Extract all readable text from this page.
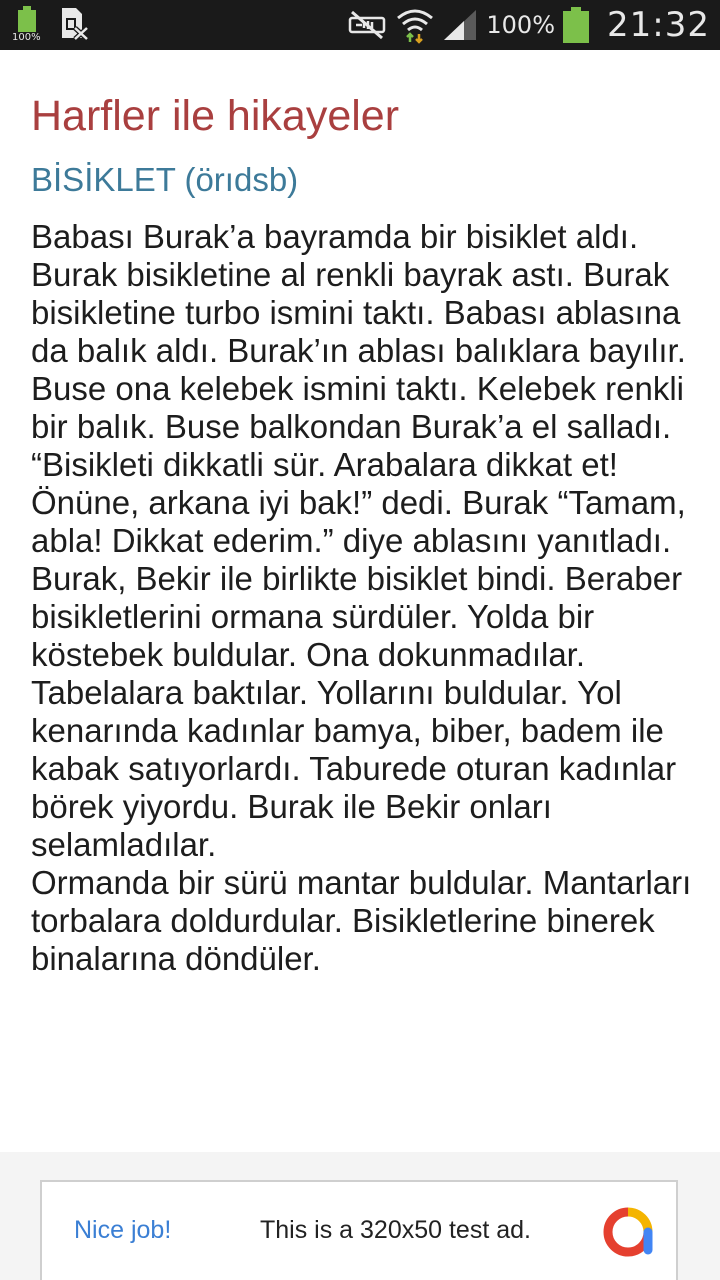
100%	100% 21:32
Harfler ile hikayeler
BİSİKLET (örıdsb)

Babası Burak’a bayramda bir bisiklet aldı. Burak bisikletine al renkli bayrak astı. Burak bisikletine turbo ismini taktı. Babası ablasına da balık aldı. Burak’ın ablası balıklara bayılır. Buse ona kelebek ismini taktı. Kelebek renkli bir balık. Buse balkondan Burak’a el salladı. “Bisikleti dikkatli sür. Arabalara dikkat et! Önüne, arkana iyi bak!” dedi. Burak “Tamam, abla! Dikkat ederim.” diye ablasını yanıtladı.
Burak, Bekir ile birlikte bisiklet bindi. Beraber bisikletlerini ormana sürdüler. Yolda bir köstebek buldular. Ona dokunmadılar.
Tabelalara baktılar. Yollarını buldular. Yol kenarında kadınlar bamya, biber, badem ile kabak satıyorlardı. Taburede oturan kadınlar börek yiyordu. Burak ile Bekir onları selamladılar.
Ormanda bir sürü mantar buldular. Mantarları torbalara doldurdular. Bisikletlerine binerek binalarına döndüler.

Nice job!	This is a 320x50 test ad.
